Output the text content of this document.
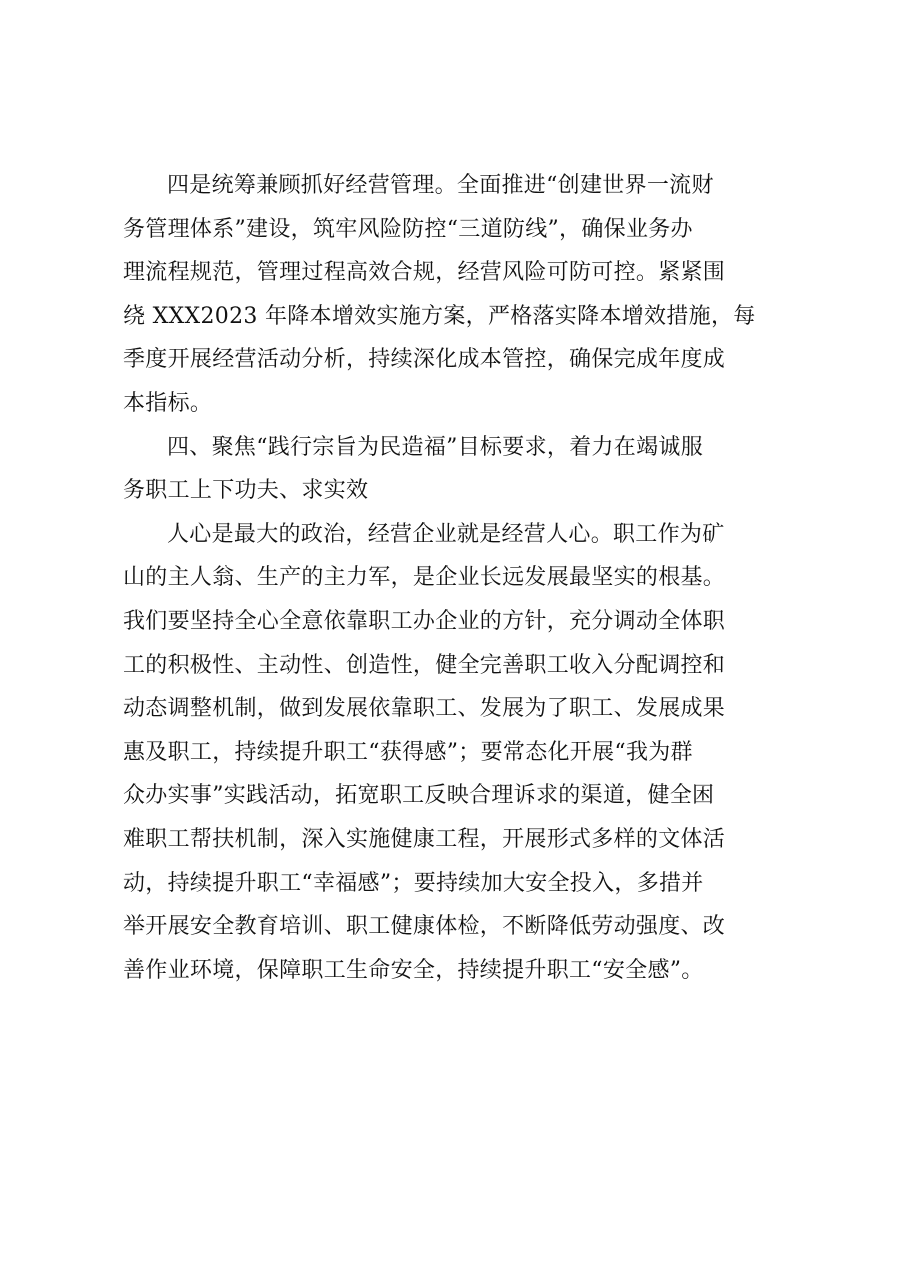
四是统筹兼顾抓好经营管理。全面推进“创建世界一流财
务管理体系”建设，筑牢风险防控“三道防线”，确保业务办
理流程规范，管理过程高效合规，经营风险可防可控。紧紧围
绕 XXX2023 年降本增效实施方案，严格落实降本增效措施，每
季度开展经营活动分析，持续深化成本管控，确保完成年度成
本指标。
四、聚焦“践行宗旨为民造福”目标要求，着力在竭诚服
务职工上下功夫、求实效
人心是最大的政治，经营企业就是经营人心。职工作为矿
山的主人翁、生产的主力军，是企业长远发展最坚实的根基。
我们要坚持全心全意依靠职工办企业的方针，充分调动全体职
工的积极性、主动性、创造性，健全完善职工收入分配调控和
动态调整机制，做到发展依靠职工、发展为了职工、发展成果
惠及职工，持续提升职工“获得感”；要常态化开展“我为群
众办实事”实践活动，拓宽职工反映合理诉求的渠道，健全困
难职工帮扶机制，深入实施健康工程，开展形式多样的文体活
动，持续提升职工“幸福感”；要持续加大安全投入，多措并
举开展安全教育培训、职工健康体检，不断降低劳动强度、改
善作业环境，保障职工生命安全，持续提升职工“安全感”。
